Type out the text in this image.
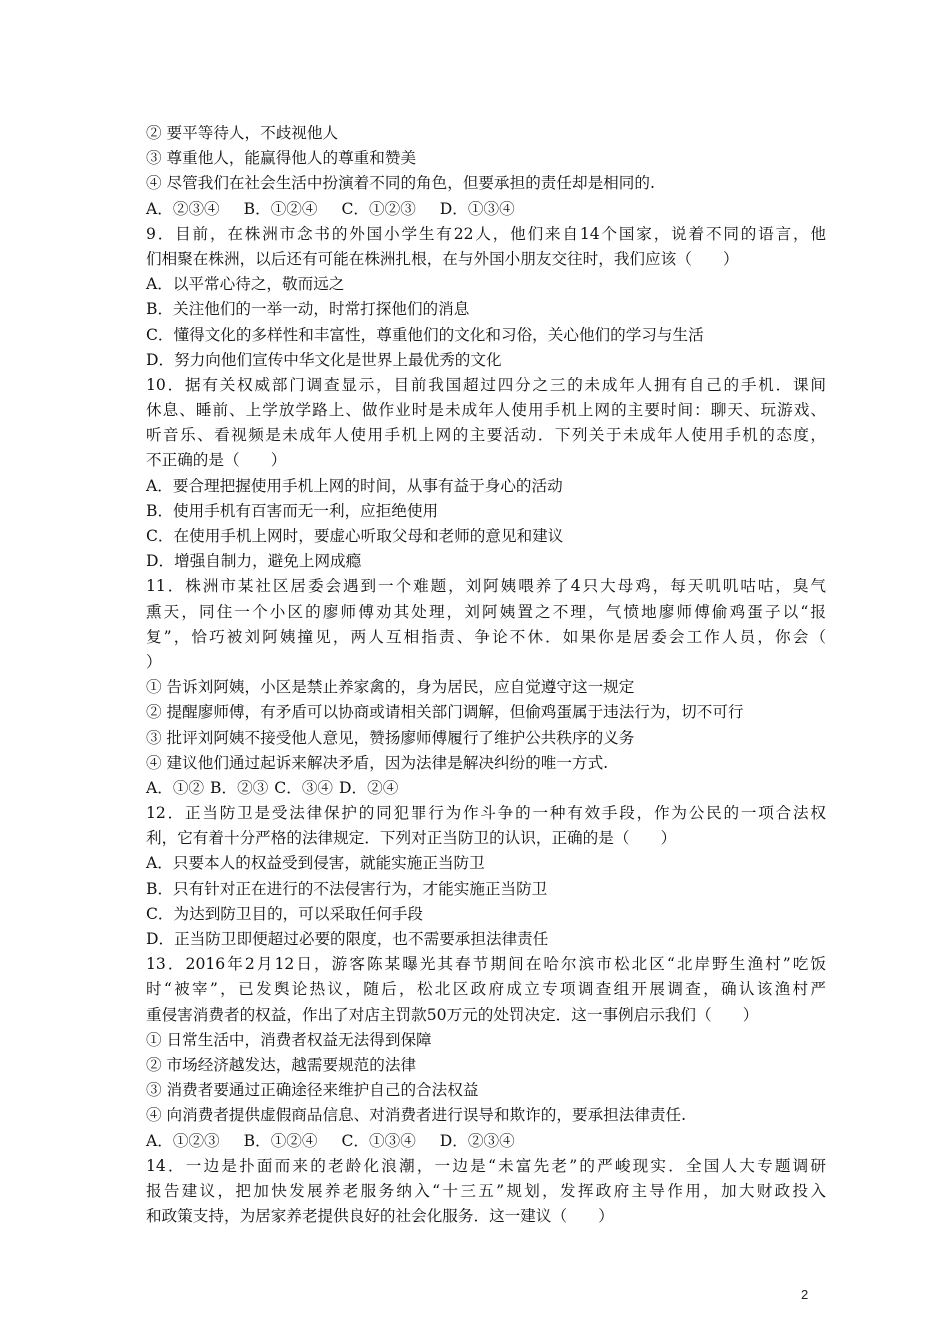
② 要平等待人，不歧视他人
③ 尊重他人，能赢得他人的尊重和赞美
④ 尽管我们在社会生活中扮演着不同的角色，但要承担的责任却是相同的.
A．②③④ B．①②④ C．①②③ D．①③④
9．目前，在株洲市念书的外国小学生有22人，他们来自14个国家，说着不同的语言，他
们相聚在株洲，以后还有可能在株洲扎根，在与外国小朋友交往时，我们应该（　　）
A．以平常心待之，敬而远之
B．关注他们的一举一动，时常打探他们的消息
C．懂得文化的多样性和丰富性，尊重他们的文化和习俗，关心他们的学习与生活
D．努力向他们宣传中华文化是世界上最优秀的文化
10．据有关权威部门调查显示，目前我国超过四分之三的未成年人拥有自己的手机．课间
休息、睡前、上学放学路上、做作业时是未成年人使用手机上网的主要时间：聊天、玩游戏、
听音乐、看视频是未成年人使用手机上网的主要活动．下列关于未成年人使用手机的态度，
不正确的是（　　）
A．要合理把握使用手机上网的时间，从事有益于身心的活动
B．使用手机有百害而无一利，应拒绝使用
C．在使用手机上网时，要虚心听取父母和老师的意见和建议
D．增强自制力，避免上网成瘾
11．株洲市某社区居委会遇到一个难题，刘阿姨喂养了4只大母鸡，每天叽叽咕咕，臭气
熏天，同住一个小区的廖师傅劝其处理，刘阿姨置之不理，气愤地廖师傅偷鸡蛋子以“报
复”，恰巧被刘阿姨撞见，两人互相指责、争论不休．如果你是居委会工作人员，你会（
）
① 告诉刘阿姨，小区是禁止养家禽的，身为居民，应自觉遵守这一规定
② 提醒廖师傅，有矛盾可以协商或请相关部门调解，但偷鸡蛋属于违法行为，切不可行
③ 批评刘阿姨不接受他人意见，赞扬廖师傅履行了维护公共秩序的义务
④ 建议他们通过起诉来解决矛盾，因为法律是解决纠纷的唯一方式.
A．①② B．②③ C．③④ D．②④
12．正当防卫是受法律保护的同犯罪行为作斗争的一种有效手段，作为公民的一项合法权
利，它有着十分严格的法律规定．下列对正当防卫的认识，正确的是（　　）
A．只要本人的权益受到侵害，就能实施正当防卫
B．只有针对正在进行的不法侵害行为，才能实施正当防卫
C．为达到防卫目的，可以采取任何手段
D．正当防卫即便超过必要的限度，也不需要承担法律责任
13．2016年2月12日，游客陈某曝光其春节期间在哈尔滨市松北区“北岸野生渔村”吃饭
时“被宰”，已发舆论热议，随后，松北区政府成立专项调查组开展调查，确认该渔村严
重侵害消费者的权益，作出了对店主罚款50万元的处罚决定．这一事例启示我们（　　）
① 日常生活中，消费者权益无法得到保障
② 市场经济越发达，越需要规范的法律
③ 消费者要通过正确途径来维护自己的合法权益
④ 向消费者提供虚假商品信息、对消费者进行误导和欺诈的，要承担法律责任.
A．①②③ B．①②④ C．①③④ D．②③④
14．一边是扑面而来的老龄化浪潮，一边是“未富先老”的严峻现实．全国人大专题调研
报告建议，把加快发展养老服务纳入“十三五”规划，发挥政府主导作用，加大财政投入
和政策支持，为居家养老提供良好的社会化服务．这一建议（　　）
2
